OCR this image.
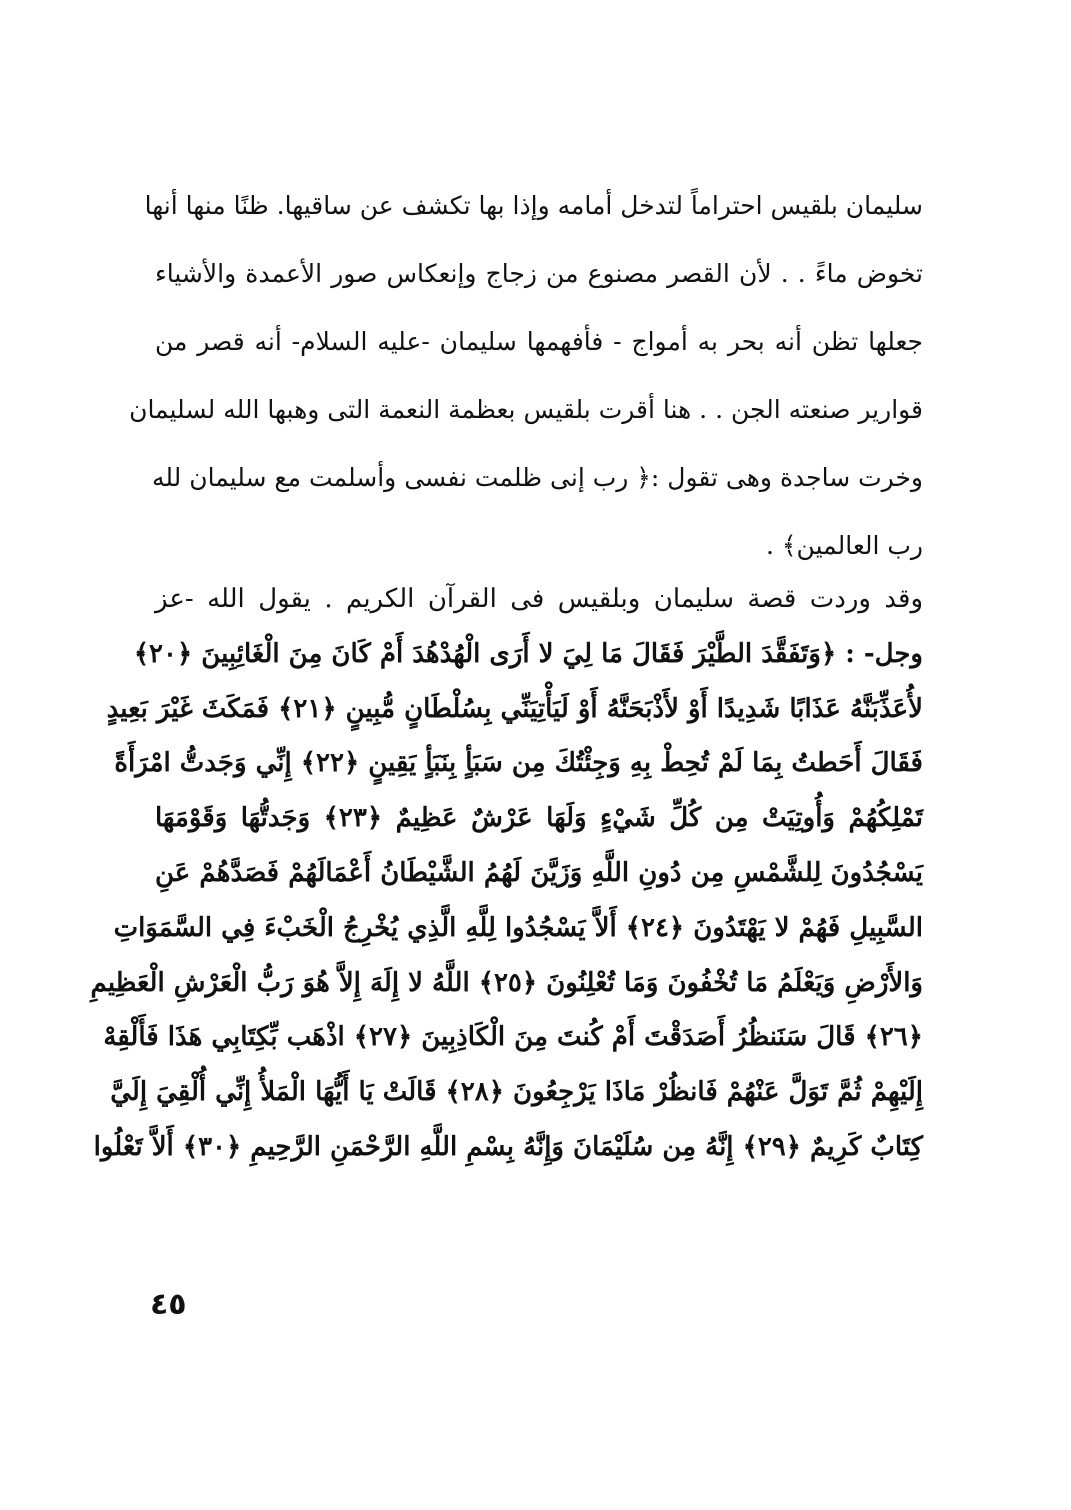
سليمان بلقيس احتراماً لتدخل أمامه وإذا بها تكشف عن ساقيها. ظنًا منها أنها
تخوض ماءً . . لأن القصر مصنوع من زجاج وإنعكاس صور الأعمدة والأشياء
جعلها تظن أنه بحر به أمواج - فأفهمها سليمان -عليه السلام- أنه قصر من
قوارير صنعته الجن . . هنا أقرت بلقيس بعظمة النعمة التى وهبها الله لسليمان
وخرت ساجدة وهى تقول :﴿ رب إنى ظلمت نفسى وأسلمت مع سليمان لله
رب العالمين﴾ .
وقد وردت قصة سليمان وبلقيس فى القرآن الكريم . يقول الله -عز
وجل- : ﴿وَتَفَقَّدَ الطَّيْرَ فَقَالَ مَا لِيَ لا أَرَى الْهُدْهُدَ أَمْ كَانَ مِنَ الْغَائِبِينَ ﴿٢٠﴾
لأُعَذِّبَنَّهُ عَذَابًا شَدِيدًا أَوْ لأَذْبَحَنَّهُ أَوْ لَيَأْتِيَنِّي بِسُلْطَانٍ مُّبِينٍ ﴿٢١﴾ فَمَكَثَ غَيْرَ بَعِيدٍ
فَقَالَ أَحَطتُ بِمَا لَمْ تُحِطْ بِهِ وَجِئْتُكَ مِن سَبَأٍ بِنَبَأٍ يَقِينٍ ﴿٢٢﴾ إِنِّي وَجَدتُّ امْرَأَةً
تَمْلِكُهُمْ وَأُوتِيَتْ مِن كُلِّ شَيْءٍ وَلَهَا عَرْشٌ عَظِيمٌ ﴿٢٣﴾ وَجَدتُّهَا وَقَوْمَهَا
يَسْجُدُونَ لِلشَّمْسِ مِن دُونِ اللَّهِ وَزَيَّنَ لَهُمُ الشَّيْطَانُ أَعْمَالَهُمْ فَصَدَّهُمْ عَنِ
السَّبِيلِ فَهُمْ لا يَهْتَدُونَ ﴿٢٤﴾ أَلاَّ يَسْجُدُوا لِلَّهِ الَّذِي يُخْرِجُ الْخَبْءَ فِي السَّمَوَاتِ
وَالأَرْضِ وَيَعْلَمُ مَا تُخْفُونَ وَمَا تُعْلِنُونَ ﴿٢٥﴾ اللَّهُ لا إِلَهَ إِلاَّ هُوَ رَبُّ الْعَرْشِ الْعَظِيمِ
﴿٢٦﴾ قَالَ سَنَنظُرُ أَصَدَقْتَ أَمْ كُنتَ مِنَ الْكَاذِبِينَ ﴿٢٧﴾ اذْهَب بِّكِتَابِي هَذَا فَأَلْقِهْ
إِلَيْهِمْ ثُمَّ تَوَلَّ عَنْهُمْ فَانظُرْ مَاذَا يَرْجِعُونَ ﴿٢٨﴾ قَالَتْ يَا أَيُّهَا الْمَلأُ إِنِّي أُلْقِيَ إِلَيَّ
كِتَابٌ كَرِيمٌ ﴿٢٩﴾ إِنَّهُ مِن سُلَيْمَانَ وَإِنَّهُ بِسْمِ اللَّهِ الرَّحْمَنِ الرَّحِيمِ ﴿٣٠﴾ أَلاَّ تَعْلُوا
٤٥
